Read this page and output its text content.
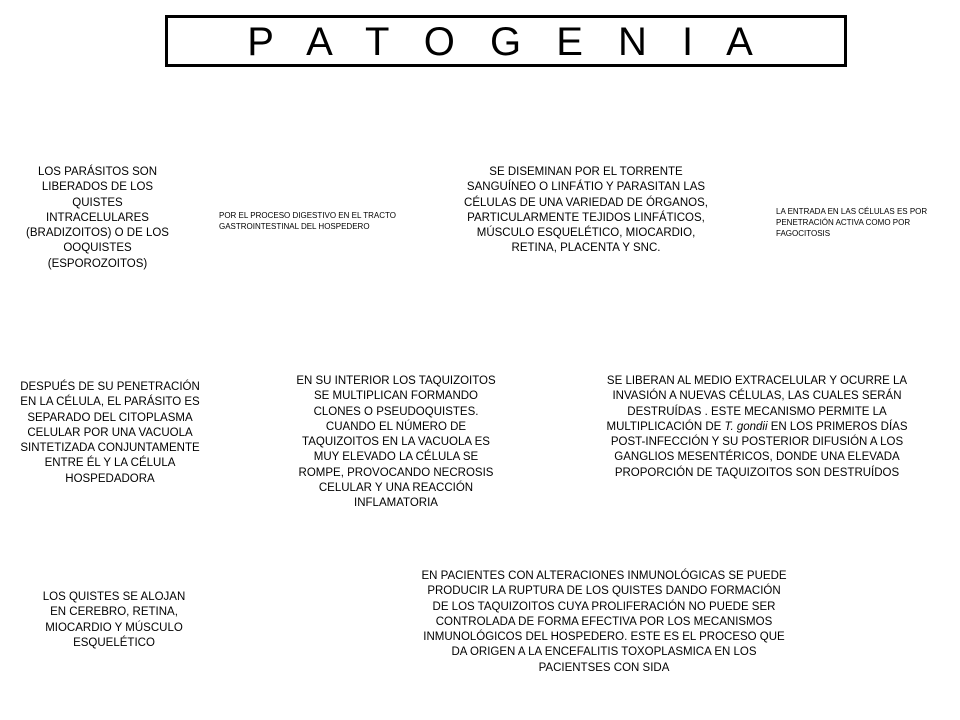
P A T O G E N I A
LOS PARÁSITOS SON LIBERADOS DE LOS QUISTES INTRACELULARES (BRADIZOITOS) O DE LOS OOQUISTES (ESPOROZOITOS)
POR EL PROCESO DIGESTIVO EN EL TRACTO GASTROINTESTINAL DEL HOSPEDERO
SE DISEMINAN POR EL TORRENTE SANGUÍNEO O LINFÁTIO Y PARASITAN LAS CÉLULAS DE UNA VARIEDAD DE ÓRGANOS, PARTICULARMENTE TEJIDOS LINFÁTICOS, MÚSCULO ESQUELÉTICO, MIOCARDIO, RETINA, PLACENTA Y SNC.
LA ENTRADA EN LAS CÉLULAS ES POR PENETRACIÓN ACTIVA COMO POR FAGOCITOSIS
DESPUÉS DE SU PENETRACIÓN EN LA CÉLULA, EL PARÁSITO ES SEPARADO DEL CITOPLASMA CELULAR POR UNA VACUOLA SINTETIZADA CONJUNTAMENTE ENTRE ÉL Y LA CÉLULA HOSPEDADORA
EN SU INTERIOR LOS TAQUIZOITOS SE MULTIPLICAN FORMANDO CLONES O PSEUDOQUISTES. CUANDO EL NÚMERO DE TAQUIZOITOS EN LA VACUOLA ES MUY ELEVADO LA CÉLULA SE ROMPE, PROVOCANDO NECROSIS CELULAR Y UNA REACCIÓN INFLAMATORIA
SE LIBERAN AL MEDIO EXTRACELULAR Y OCURRE LA INVASIÓN A NUEVAS CÉLULAS, LAS CUALES SERÁN DESTRUÍDAS . ESTE MECANISMO PERMITE LA MULTIPLICACIÓN DE T. gondii EN LOS PRIMEROS DÍAS POST-INFECCIÓN Y SU POSTERIOR DIFUSIÓN A LOS GANGLIOS MESENTÉRICOS, DONDE UNA ELEVADA PROPORCIÓN DE TAQUIZOITOS SON DESTRUÍDOS
LOS QUISTES SE ALOJAN EN CEREBRO, RETINA, MIOCARDIO Y MÚSCULO ESQUELÉTICO
EN PACIENTES CON ALTERACIONES INMUNOLÓGICAS SE PUEDE PRODUCIR LA RUPTURA DE LOS QUISTES DANDO FORMACIÓN DE LOS TAQUIZOITOS CUYA PROLIFERACIÓN NO PUEDE SER CONTROLADA DE FORMA EFECTIVA POR LOS MECANISMOS INMUNOLÓGICOS DEL HOSPEDERO. ESTE ES EL PROCESO QUE DA ORIGEN A LA ENCEFALITIS TOXOPLASMICA EN LOS PACIENTSES CON SIDA
